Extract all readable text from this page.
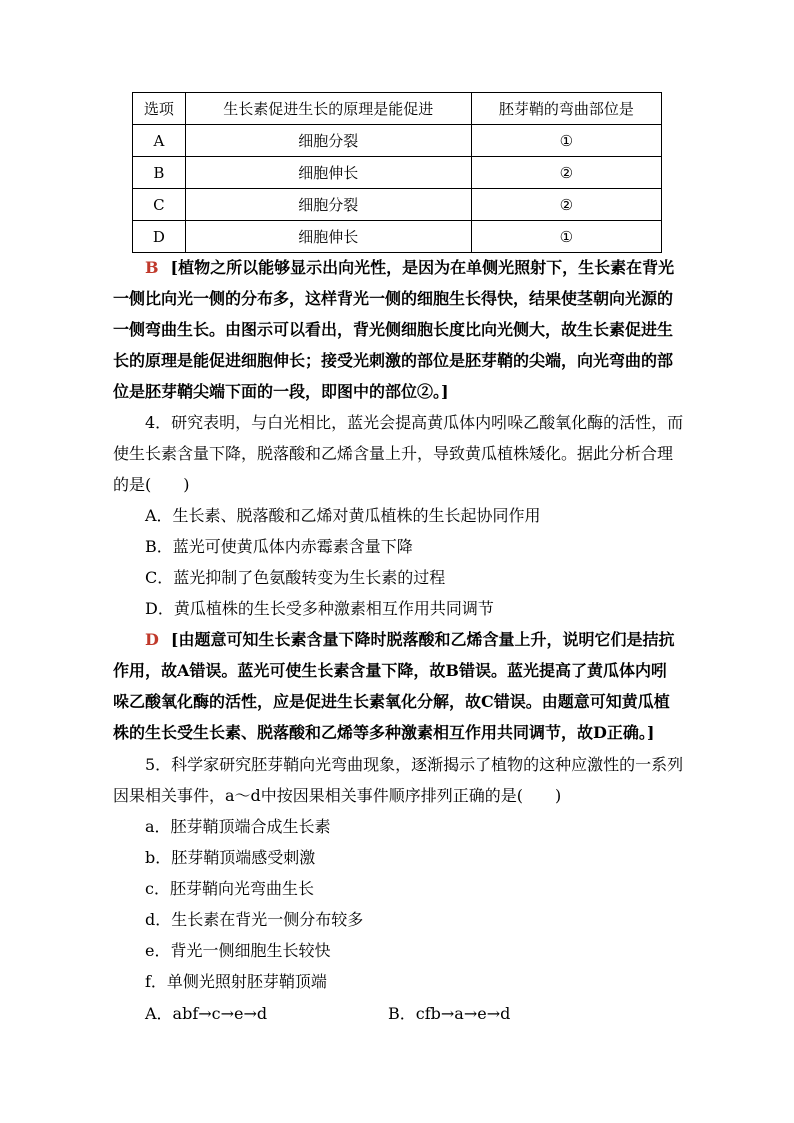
选项	生长素促进生长的原理是能促进	胚芽鞘的弯曲部位是
A	细胞分裂	①
B	细胞伸长	②
C	细胞分裂	②
D	细胞伸长	①
B [植物之所以能够显示出向光性，是因为在单侧光照射下，生长素在背光
一侧比向光一侧的分布多，这样背光一侧的细胞生长得快，结果使茎朝向光源的
一侧弯曲生长。由图示可以看出，背光侧细胞长度比向光侧大，故生长素促进生
长的原理是能促进细胞伸长；接受光刺激的部位是胚芽鞘的尖端，向光弯曲的部
位是胚芽鞘尖端下面的一段，即图中的部位②。]
4．研究表明，与白光相比，蓝光会提高黄瓜体内吲哚乙酸氧化酶的活性，而
使生长素含量下降，脱落酸和乙烯含量上升，导致黄瓜植株矮化。据此分析合理
的是(　　)
A．生长素、脱落酸和乙烯对黄瓜植株的生长起协同作用
B．蓝光可使黄瓜体内赤霉素含量下降
C．蓝光抑制了色氨酸转变为生长素的过程
D．黄瓜植株的生长受多种激素相互作用共同调节
D [由题意可知生长素含量下降时脱落酸和乙烯含量上升，说明它们是拮抗
作用，故A错误。蓝光可使生长素含量下降，故B错误。蓝光提高了黄瓜体内吲
哚乙酸氧化酶的活性，应是促进生长素氧化分解，故C错误。由题意可知黄瓜植
株的生长受生长素、脱落酸和乙烯等多种激素相互作用共同调节，故D正确。]
5．科学家研究胚芽鞘向光弯曲现象，逐渐揭示了植物的这种应激性的一系列
因果相关事件，a～d中按因果相关事件顺序排列正确的是(　　)
a．胚芽鞘顶端合成生长素
b．胚芽鞘顶端感受刺激
c．胚芽鞘向光弯曲生长
d．生长素在背光一侧分布较多
e．背光一侧细胞生长较快
f．单侧光照射胚芽鞘顶端
A．abf→c→e→d	B．cfb→a→e→d
